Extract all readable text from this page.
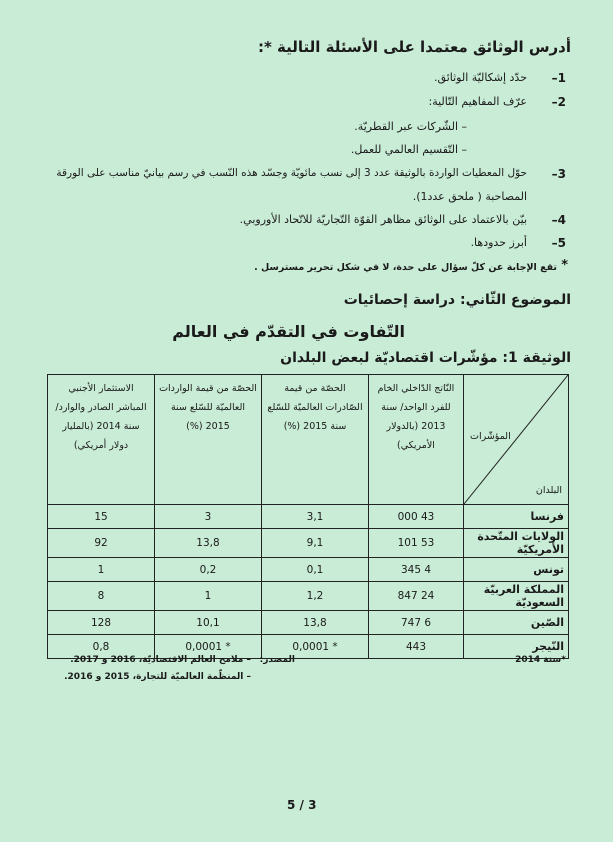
أدرس الوثائق معتمدا على الأسئلة التالية *:
1–
حدّد إشكاليّة الوثائق.
2–
عرّف المفاهيم التّالية:
– الشّركات عبر القطريّة.
– التّقسيم العالمي للعمل.
3–
حوّل المعطيات الواردة بالوثيقة عدد 3 إلى نسب مائويّة وجسّد هذه النّسب في رسم بيانيّ مناسب على الورقة
المصاحبة ( ملحق عدد1).
4–
بيّن بالاعتماد على الوثائق مظاهر القوّة التّجاريّة للاتّحاد الأوروبي.
5–
أبرز حدودها.
*
تقع الإجابة عن كلّ سؤال على حدة، لا في شكل تحرير مسترسل .
الموضوع الثّاني: دراسة إحصائيات
التّفاوت في التقدّم في العالم
الوثيقة 1: مؤشّرات اقتصاديّة لبعض البلدان
المؤشّرات
البلدان	النّاتج الدّاخلي الخام للفرد الواحد/ سنة 2013 (بالدولار الأمريكي)	الحصّة من قيمة الصّادرات العالميّة للسّلع سنة 2015 (%)	الحصّة من قيمة الواردات العالميّة للسّلع سنة 2015 (%)	الاستثمار الأجنبي المباشر الصادر والوارد/ سنة 2014 (بالمليار دولار أمريكي)
فرنسا	43 000	3,1	3	15
الولايات المتّحدة الأمريكيّة	53 101	9,1	13,8	92
تونس	4 345	0,1	0,2	1
المملكة العربيّة السعوديّة	24 847	1,2	1	8
الصّين	6 747	13,8	10,1	128
النّيجر	443	* 0,0001	* 0,0001	0,8
*سنة 2014
المصدر:
– ملامح العالم الاقتصاديّة، 2016 و 2017.
– المنظّمة العالميّة للتجارة، 2015 و 2016.
5 / 3
